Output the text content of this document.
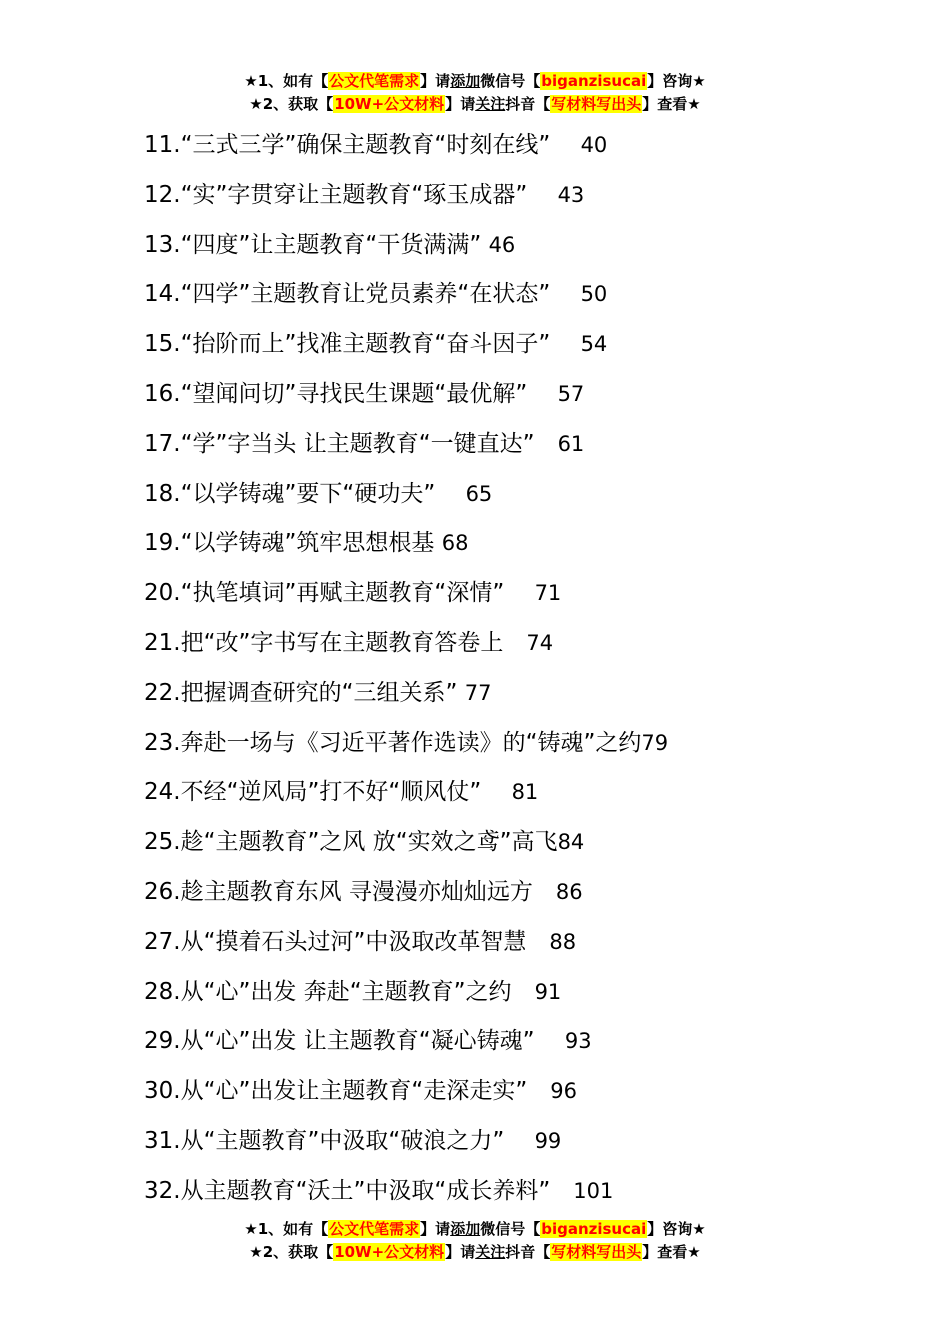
★1、如有【公文代笔需求】请添加微信号【biganzisucai】咨询★
★2、获取【10W+公文材料】请关注抖音【写材料写出头】查看★
11.“三式三学”确保主题教育“时刻在线”  40
12.“实”字贯穿让主题教育“琢玉成器”  43
13.“四度”让主题教育“干货满满” 46
14.“四学”主题教育让党员素养“在状态”  50
15.“抬阶而上”找准主题教育“奋斗因子”  54
16.“望闻问切”寻找民生课题“最优解”  57
17.“学”字当头 让主题教育“一键直达”  61
18.“以学铸魂”要下“硬功夫”  65
19.“以学铸魂”筑牢思想根基 68
20.“执笔填词”再赋主题教育“深情”  71
21.把“改”字书写在主题教育答卷上  74
22.把握调查研究的“三组关系” 77
23.奔赴一场与《习近平著作选读》的“铸魂”之约79
24.不经“逆风局”打不好“顺风仗”  81
25.趁“主题教育”之风 放“实效之鸢”高飞84
26.趁主题教育东风 寻漫漫亦灿灿远方  86
27.从“摸着石头过河”中汲取改革智慧  88
28.从“心”出发 奔赴“主题教育”之约  91
29.从“心”出发 让主题教育“凝心铸魂”  93
30.从“心”出发让主题教育“走深走实”  96
31.从“主题教育”中汲取“破浪之力”  99
32.从主题教育“沃土”中汲取“成长养料”  101
★1、如有【公文代笔需求】请添加微信号【biganzisucai】咨询★
★2、获取【10W+公文材料】请关注抖音【写材料写出头】查看★
